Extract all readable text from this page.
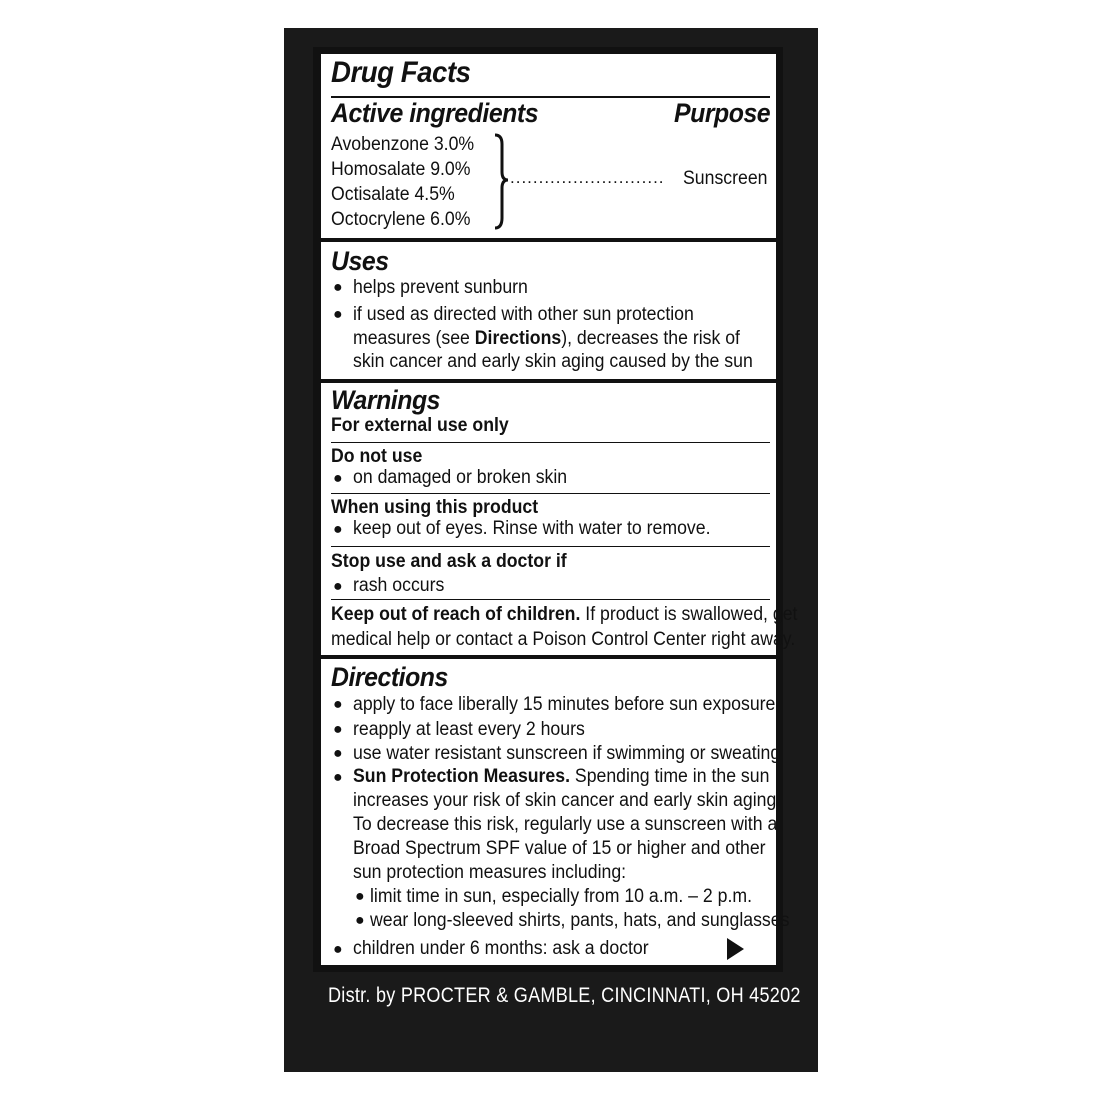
Drug Facts
Active ingredients	Purpose
Avobenzone 3.0%
Homosalate 9.0%
Octisalate 4.5%
Octocrylene 6.0%
........................... Sunscreen
Uses
● helps prevent sunburn
● if used as directed with other sun protection
measures (see Directions), decreases the risk of
skin cancer and early skin aging caused by the sun
Warnings
For external use only
Do not use
● on damaged or broken skin
When using this product
● keep out of eyes. Rinse with water to remove.
Stop use and ask a doctor if
● rash occurs
Keep out of reach of children. If product is swallowed, get
medical help or contact a Poison Control Center right away.
Directions
● apply to face liberally 15 minutes before sun exposure
● reapply at least every 2 hours
● use water resistant sunscreen if swimming or sweating
● Sun Protection Measures. Spending time in the sun
increases your risk of skin cancer and early skin aging.
To decrease this risk, regularly use a sunscreen with a
Broad Spectrum SPF value of 15 or higher and other
sun protection measures including:
● limit time in sun, especially from 10 a.m. – 2 p.m.
● wear long-sleeved shirts, pants, hats, and sunglasses
● children under 6 months: ask a doctor
Distr. by PROCTER & GAMBLE, CINCINNATI, OH 45202
